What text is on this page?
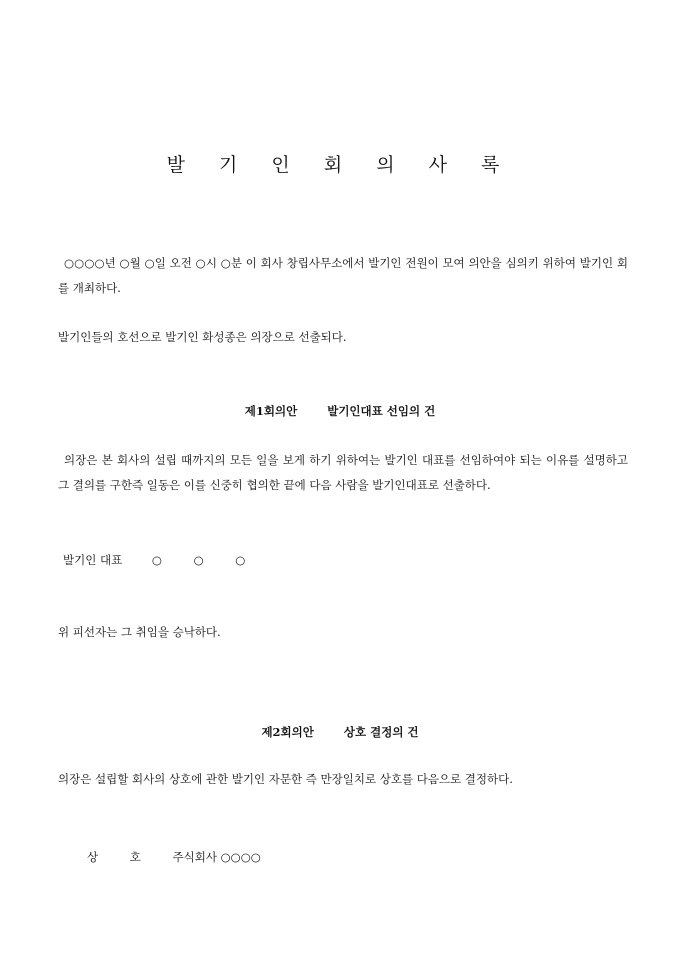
발 기 인 회 의 사 록

○○○○년 ○월 ○일 오전 ○시 ○분 이 회사 창립사무소에서 발기인 전원이 모여 의안을 심의키 위하여 발기인 회를 개최하다.

발기인들의 호선으로 발기인 화성종은 의장으로 선출되다.

제1회의안	발기인대표 선임의 건

의장은 본 회사의 설립 때까지의 모든 일을 보게 하기 위하여는 발기인 대표를 선임하여야 되는 이유를 설명하고 그 결의를 구한즉 일동은 이를 신중히 협의한 끝에 다음 사람을 발기인대표로 선출하다.

발기인 대표	○	○	○

위 피선자는 그 취임을 승낙하다.

제2회의안	상호 결정의 건

의장은 설립할 회사의 상호에 관한 발기인 자문한 즉 만장일치로 상호를 다음으로 결정하다.

상	호	주식회사 ○○○○
